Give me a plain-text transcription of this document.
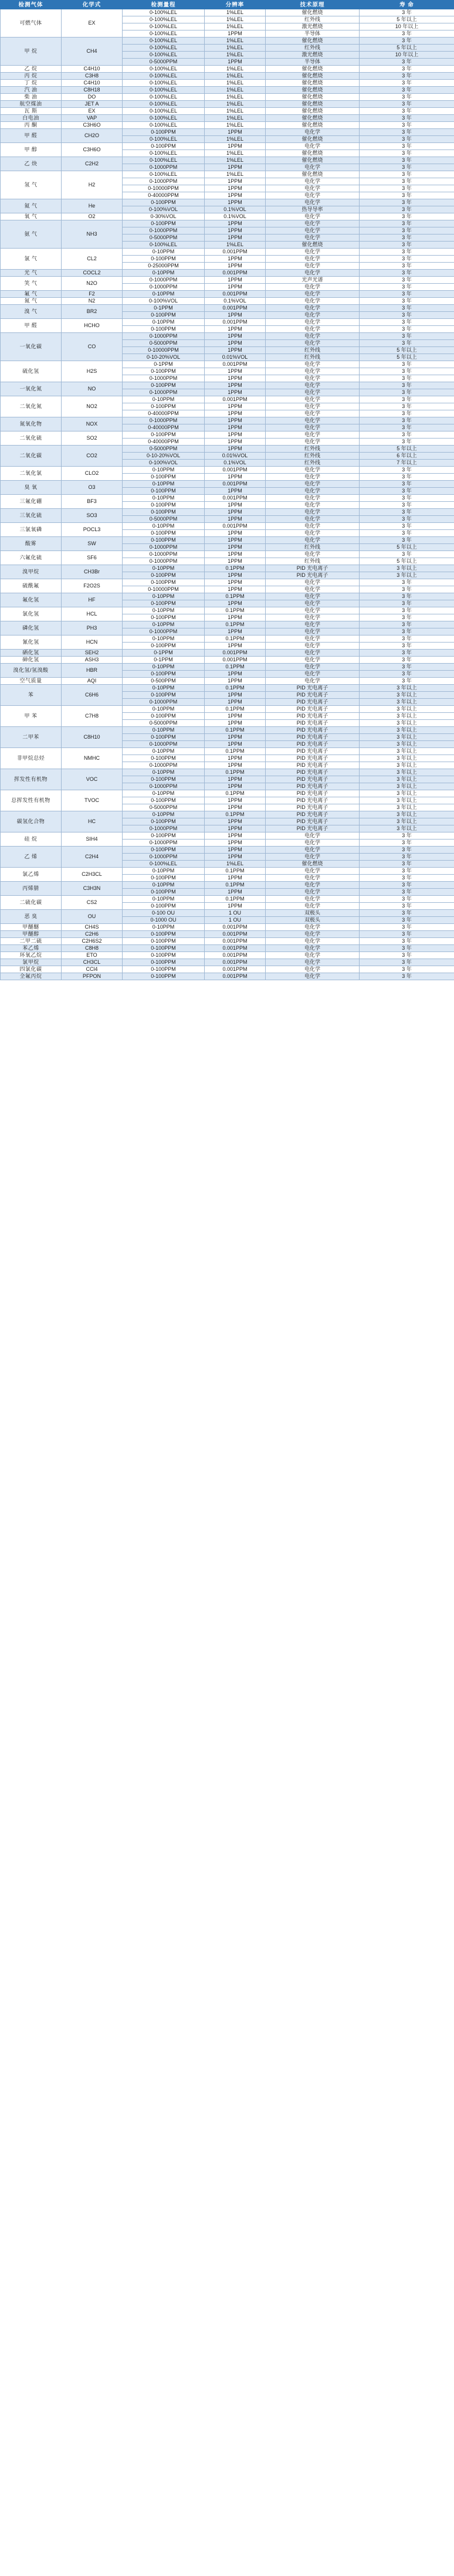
检测气体	化学式	检测量程	分辨率	技术原理	寿 命
可燃气体	EX	0-100%LEL	1%LEL	催化燃烧	3 年
		0-100%LEL	1%LEL	红外线	5 年以上
		0-100%LEL	1%LEL	激光燃烧	10 年以上
		0-100%LEL	1PPM	半导体	3 年
甲 烷	CH4	0-100%LEL	1%LEL	催化燃烧	3 年
		0-100%LEL	1%LEL	红外线	5 年以上
		0-100%LEL	1%LEL	激光燃烧	10 年以上
		0-5000PPM	1PPM	半导体	3 年
乙 烷	C4H10	0-100%LEL	1%LEL	催化燃烧	3 年
丙 烷	C3H8	0-100%LEL	1%LEL	催化燃烧	3 年
丁 烷	C4H10	0-100%LEL	1%LEL	催化燃烧	3 年
汽 油	C8H18	0-100%LEL	1%LEL	催化燃烧	3 年
柴 油	DO	0-100%LEL	1%LEL	催化燃烧	3 年
航空煤油	JET A	0-100%LEL	1%LEL	催化燃烧	3 年
瓦 斯	EX	0-100%LEL	1%LEL	催化燃烧	3 年
白电油	VAP	0-100%LEL	1%LEL	催化燃烧	3 年
丙 酮	C3H6O	0-100%LEL	1%LEL	催化燃烧	3 年
甲 醛	CH2O	0-100PPM	1PPM	电化学	3 年
		0-100%LEL	1%LEL	催化燃烧	3 年
甲 醇	C3H6O	0-100PPM	1PPM	电化学	3 年
		0-100%LEL	1%LEL	催化燃烧	3 年
乙 炔	C2H2	0-100%LEL	1%LEL	催化燃烧	3 年
		0-1000PPM	1PPM	电化学	3 年
氢 气	H2	0-100%LEL	1%LEL	催化燃烧	3 年
		0-1000PPM	1PPM	电化学	3 年
		0-10000PPM	1PPM	电化学	3 年
		0-40000PPM	1PPM	电化学	3 年
氦 气	He	0-100PPM	1PPM	电化学	3 年
		0-100%VOL	0.1%VOL	热导导率	3 年
氧 气	O2	0-30%VOL	0.1%VOL	电化学	3 年
氨 气	NH3	0-100PPM	1PPM	电化学	3 年
		0-1000PPM	1PPM	电化学	3 年
		0-5000PPM	1PPM	电化学	3 年
		0-100%LEL	1%LEL	催化燃烧	3 年
氯 气	CL2	0-10PPM	0.001PPM	电化学	3 年
		0-100PPM	1PPM	电化学	3 年
		0-25000PPM	1PPM	电化学	3 年
光 气	COCL2	0-10PPM	0.001PPM	电化学	3 年
笑 气	N2O	0-1000PPM	1PPM	光声光谱	3 年
		0-1000PPM	1PPM	电化学	3 年
氟 气	F2	0-10PPM	0.001PPM	电化学	3 年
氮 气	N2	0-100%VOL	0.1%VOL	电化学	3 年
溴 气	BR2	0-1PPM	0.001PPM	电化学	3 年
		0-100PPM	1PPM	电化学	3 年
甲 醛	HCHO	0-10PPM	0.001PPM	电化学	3 年
		0-100PPM	1PPM	电化学	3 年
一氧化碳	CO	0-1000PPM	1PPM	电化学	3 年
		0-5000PPM	1PPM	电化学	3 年
		0-10000PPM	1PPM	红外线	5 年以上
		0-10-20%VOL	0.01%VOL	红外线	5 年以上
硫化氢	H2S	0-1PPM	0.001PPM	电化学	3 年
		0-100PPM	1PPM	电化学	3 年
		0-1000PPM	1PPM	电化学	3 年
一氧化氮	NO	0-100PPM	1PPM	电化学	3 年
		0-1000PPM	1PPM	电化学	3 年
二氧化氮	NO2	0-10PPM	0.001PPM	电化学	3 年
		0-100PPM	1PPM	电化学	3 年
		0-40000PPM	1PPM	电化学	3 年
氮氧化物	NOX	0-1000PPM	1PPM	电化学	3 年
		0-40000PPM	1PPM	电化学	3 年
二氧化硫	SO2	0-100PPM	1PPM	电化学	3 年
		0-40000PPM	1PPM	电化学	3 年
二氧化碳	CO2	0-5000PPM	1PPM	红外线	5 年以上
		0-10-20%VOL	0.01%VOL	红外线	6 年以上
		0-100%VOL	0.1%VOL	红外线	7 年以上
二氧化氯	CLO2	0-10PPM	0.001PPM	电化学	3 年
		0-100PPM	1PPM	电化学	3 年
臭 氧	O3	0-10PPM	0.001PPM	电化学	3 年
		0-100PPM	1PPM	电化学	3 年
三氟化硼	BF3	0-10PPM	0.001PPM	电化学	3 年
		0-100PPM	1PPM	电化学	3 年
三氧化硫	SO3	0-100PPM	1PPM	电化学	3 年
		0-5000PPM	1PPM	电化学	3 年
三氯氧磷	POCL3	0-10PPM	0.001PPM	电化学	3 年
		0-100PPM	1PPM	电化学	3 年
酸雾	SW	0-100PPM	1PPM	电化学	3 年
		0-1000PPM	1PPM	红外线	5 年以上
六氟化硫	SF6	0-1000PPM	1PPM	电化学	3 年
		0-1000PPM	1PPM	红外线	5 年以上
溴甲烷	CH3Br	0-10PPM	0.1PPM	PID 光电离子	3 年以上
		0-100PPM	1PPM	PID 光电离子	3 年以上
硫酰氟	F2O2S	0-100PPM	1PPM	电化学	3 年
		0-10000PPM	1PPM	电化学	3 年
氟化氢	HF	0-10PPM	0.1PPM	电化学	3 年
		0-100PPM	1PPM	电化学	3 年
氯化氢	HCL	0-10PPM	0.1PPM	电化学	3 年
		0-100PPM	1PPM	电化学	3 年
磷化氢	PH3	0-10PPM	0.1PPM	电化学	3 年
		0-1000PPM	1PPM	电化学	3 年
氰化氢	HCN	0-10PPM	0.1PPM	电化学	3 年
		0-100PPM	1PPM	电化学	3 年
硒化氢	SEH2	0-1PPM	0.001PPM	电化学	3 年
砷化氢	ASH3	0-1PPM	0.001PPM	电化学	3 年
溴化氢/氢溴酸	HBR	0-10PPM	0.1PPM	电化学	3 年
		0-100PPM	1PPM	电化学	3 年
空气质量	AQI	0-500PPM	1PPM	电化学	3 年
苯	C6H6	0-10PPM	0.1PPM	PID 光电离子	3 年以上
		0-100PPM	1PPM	PID 光电离子	3 年以上
		0-1000PPM	1PPM	PID 光电离子	3 年以上
甲 苯	C7H8	0-10PPM	0.1PPM	PID 光电离子	3 年以上
		0-100PPM	1PPM	PID 光电离子	3 年以上
		0-5000PPM	1PPM	PID 光电离子	3 年以上
二甲苯	C8H10	0-10PPM	0.1PPM	PID 光电离子	3 年以上
		0-100PPM	1PPM	PID 光电离子	3 年以上
		0-1000PPM	1PPM	PID 光电离子	3 年以上
非甲烷总烃	NMHC	0-10PPM	0.1PPM	PID 光电离子	3 年以上
		0-100PPM	1PPM	PID 光电离子	3 年以上
		0-1000PPM	1PPM	PID 光电离子	3 年以上
挥发性有机物	VOC	0-10PPM	0.1PPM	PID 光电离子	3 年以上
		0-100PPM	1PPM	PID 光电离子	3 年以上
		0-1000PPM	1PPM	PID 光电离子	3 年以上
总挥发性有机物	TVOC	0-10PPM	0.1PPM	PID 光电离子	3 年以上
		0-100PPM	1PPM	PID 光电离子	3 年以上
		0-5000PPM	1PPM	PID 光电离子	3 年以上
碳氢化合物	HC	0-10PPM	0.1PPM	PID 光电离子	3 年以上
		0-100PPM	1PPM	PID 光电离子	3 年以上
		0-1000PPM	1PPM	PID 光电离子	3 年以上
硅 烷	SIH4	0-100PPM	1PPM	电化学	3 年
		0-1000PPM	1PPM	电化学	3 年
乙 烯	C2H4	0-100PPM	1PPM	电化学	3 年
		0-1000PPM	1PPM	电化学	3 年
		0-100%LEL	1%LEL	催化燃烧	3 年
氯乙烯	C2H3CL	0-10PPM	0.1PPM	电化学	3 年
		0-100PPM	1PPM	电化学	3 年
丙烯腈	C3H3N	0-10PPM	0.1PPM	电化学	3 年
		0-100PPM	1PPM	电化学	3 年
二硫化碳	CS2	0-10PPM	0.1PPM	电化学	3 年
		0-100PPM	1PPM	电化学	3 年
恶 臭	OU	0-100 OU	1 OU	双极头	3 年
		0-1000 OU	1 OU	双极头	3 年
甲醚醚	CH4S	0-10PPM	0.001PPM	电化学	3 年
甲醚醇	C2H6	0-100PPM	0.001PPM	电化学	3 年
二甲二硫	C2H6S2	0-100PPM	0.001PPM	电化学	3 年
苯乙烯	C8H8	0-100PPM	0.001PPM	电化学	3 年
环氧乙烷	ETO	0-100PPM	0.001PPM	电化学	3 年
氯甲烷	CH3CL	0-100PPM	0.001PPM	电化学	3 年
四氯化碳	CCl4	0-100PPM	0.001PPM	电化学	3 年
全氟丙烷	PFPON	0-100PPM	0.001PPM	电化学	3 年
